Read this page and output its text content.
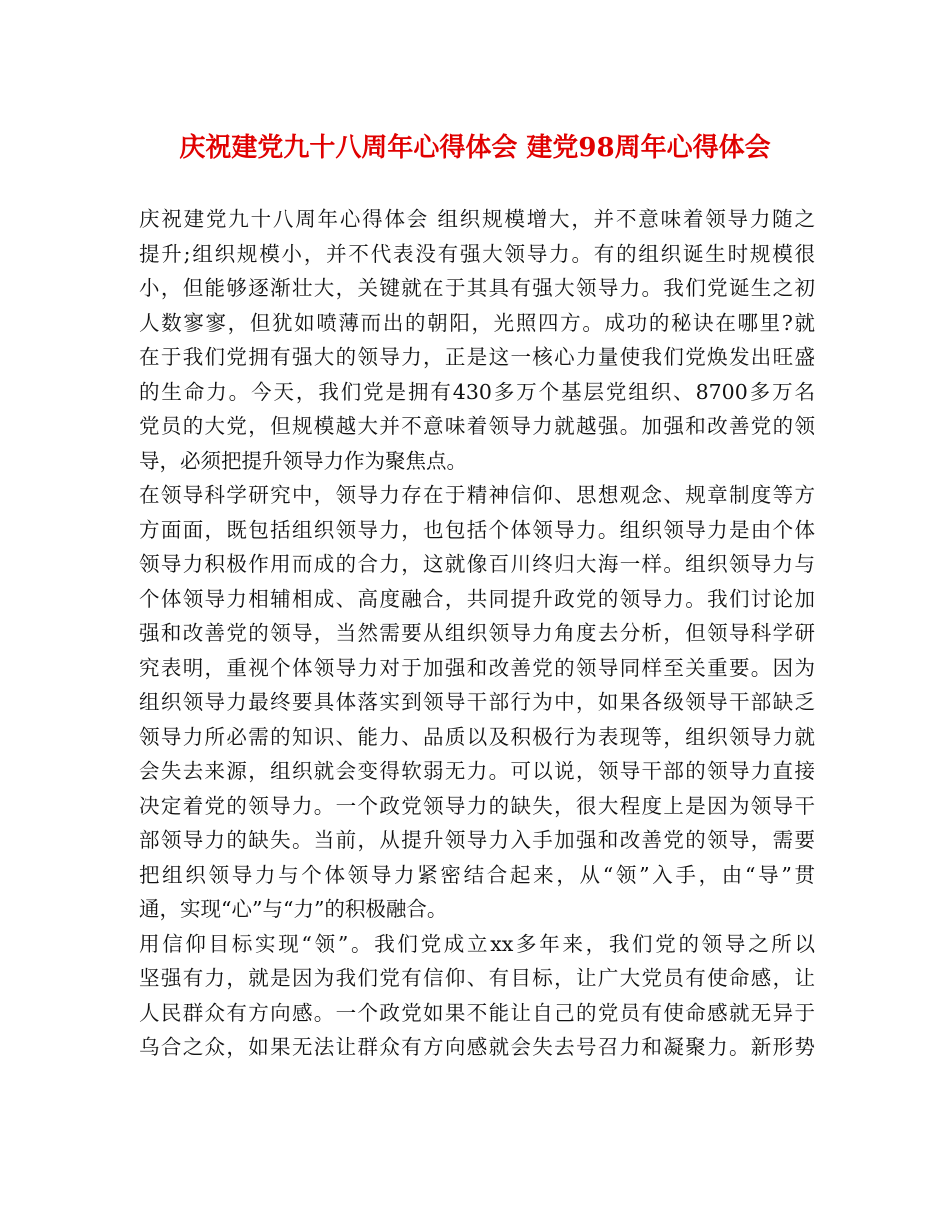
庆祝建党九十八周年心得体会 建党98周年心得体会
庆祝建党九十八周年心得体会 组织规模增大，并不意味着领导力随之
提升;组织规模小，并不代表没有强大领导力。有的组织诞生时规模很
小，但能够逐渐壮大，关键就在于其具有强大领导力。我们党诞生之初
人数寥寥，但犹如喷薄而出的朝阳，光照四方。成功的秘诀在哪里?就
在于我们党拥有强大的领导力，正是这一核心力量使我们党焕发出旺盛
的生命力。今天，我们党是拥有430多万个基层党组织、8700多万名
党员的大党，但规模越大并不意味着领导力就越强。加强和改善党的领
导，必须把提升领导力作为聚焦点。
在领导科学研究中，领导力存在于精神信仰、思想观念、规章制度等方
方面面，既包括组织领导力，也包括个体领导力。组织领导力是由个体
领导力积极作用而成的合力，这就像百川终归大海一样。组织领导力与
个体领导力相辅相成、高度融合，共同提升政党的领导力。我们讨论加
强和改善党的领导，当然需要从组织领导力角度去分析，但领导科学研
究表明，重视个体领导力对于加强和改善党的领导同样至关重要。因为
组织领导力最终要具体落实到领导干部行为中，如果各级领导干部缺乏
领导力所必需的知识、能力、品质以及积极行为表现等，组织领导力就
会失去来源，组织就会变得软弱无力。可以说，领导干部的领导力直接
决定着党的领导力。一个政党领导力的缺失，很大程度上是因为领导干
部领导力的缺失。当前，从提升领导力入手加强和改善党的领导，需要
把组织领导力与个体领导力紧密结合起来，从“领”入手，由“导”贯
通，实现“心”与“力”的积极融合。
用信仰目标实现“领”。我们党成立xx多年来，我们党的领导之所以
坚强有力，就是因为我们党有信仰、有目标，让广大党员有使命感，让
人民群众有方向感。一个政党如果不能让自己的党员有使命感就无异于
乌合之众，如果无法让群众有方向感就会失去号召力和凝聚力。新形势
